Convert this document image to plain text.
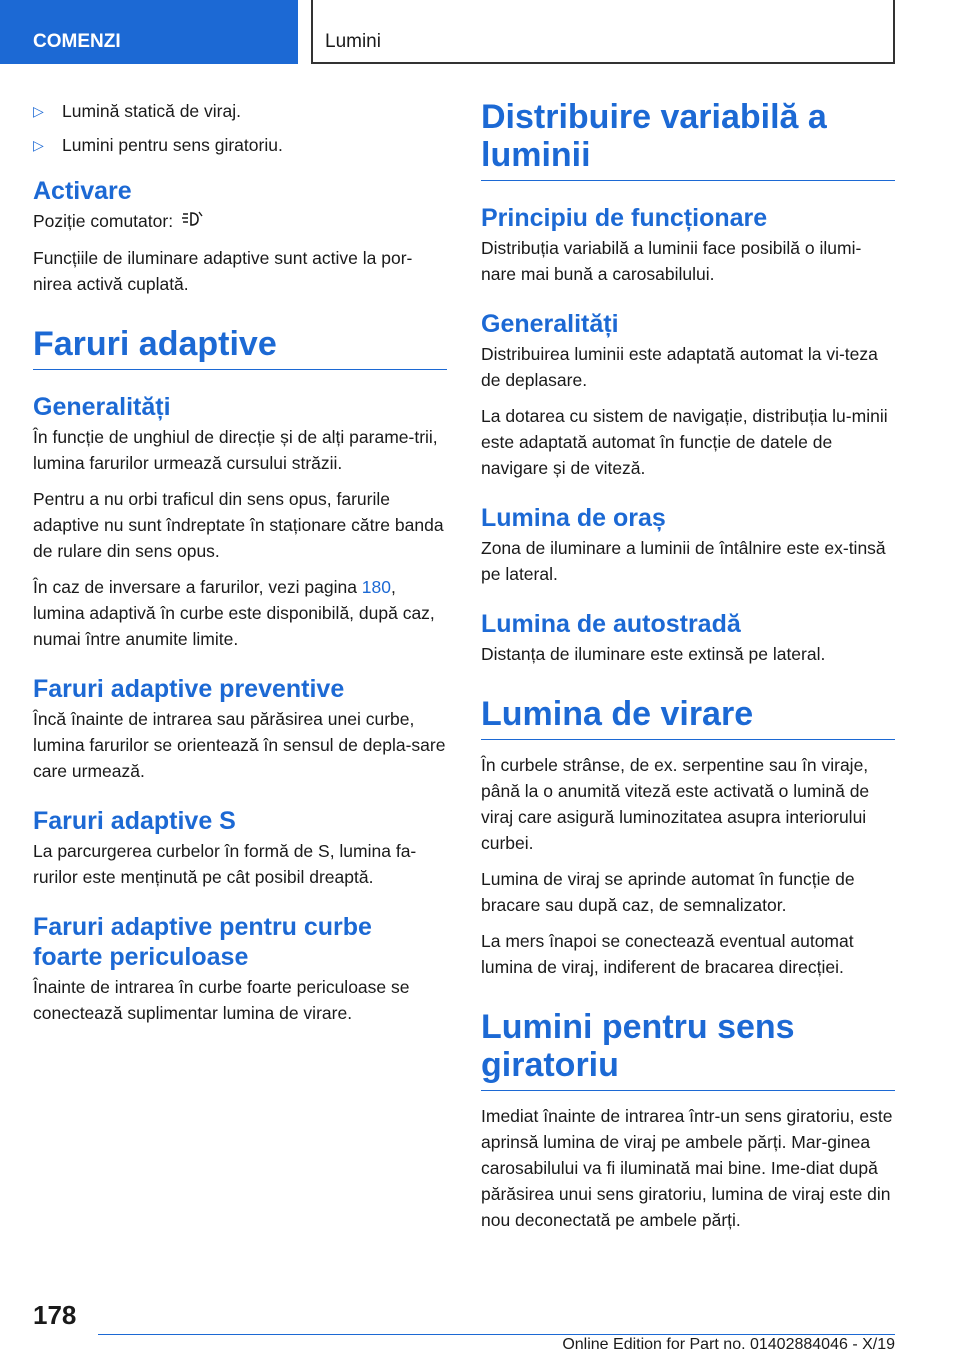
COMENZI	Lumini
▷ Lumină statică de viraj.
▷ Lumini pentru sens giratoriu.
Activare

Poziție comutator:

Funcțiile de iluminare adaptive sunt active la por-nirea activă cuplată.

Faruri adaptive
Generalități

În funcție de unghiul de direcție și de alți parame-trii, lumina farurilor urmează cursului străzii.

Pentru a nu orbi traficul din sens opus, farurile adaptive nu sunt îndreptate în staționare către banda de rulare din sens opus.

În caz de inversare a farurilor, vezi pagina 180, lumina adaptivă în curbe este disponibilă, după caz, numai între anumite limite.

Faruri adaptive preventive

Încă înainte de intrarea sau părăsirea unei curbe, lumina farurilor se orientează în sensul de depla-sare care urmează.

Faruri adaptive S

La parcurgerea curbelor în formă de S, lumina fa-rurilor este menținută pe cât posibil dreaptă.

Faruri adaptive pentru curbe foarte periculoase

Înainte de intrarea în curbe foarte periculoase se conectează suplimentar lumina de virare.

Distribuire variabilă a luminii
Principiu de funcționare

Distribuția variabilă a luminii face posibilă o ilumi-nare mai bună a carosabilului.

Generalități

Distribuirea luminii este adaptată automat la vi-teza de deplasare.

La dotarea cu sistem de navigație, distribuția lu-minii este adaptată automat în funcție de datele de navigare și de viteză.

Lumina de oraș

Zona de iluminare a luminii de întâlnire este ex-tinsă pe lateral.

Lumina de autostradă

Distanța de iluminare este extinsă pe lateral.

Lumina de virare

În curbele strânse, de ex. serpentine sau în viraje, până la o anumită viteză este activată o lumină de viraj care asigură luminozitatea asupra interiorului curbei.

Lumina de viraj se aprinde automat în funcție de bracare sau după caz, de semnalizator.

La mers înapoi se conectează eventual automat lumina de viraj, indiferent de bracarea direcției.

Lumini pentru sens giratoriu

Imediat înainte de intrarea într-un sens giratoriu, este aprinsă lumina de viraj pe ambele părți. Mar-ginea carosabilului va fi iluminată mai bine. Ime-diat după părăsirea unui sens giratoriu, lumina de viraj este din nou deconectată pe ambele părți.

178
Online Edition for Part no. 01402884046 - X/19
